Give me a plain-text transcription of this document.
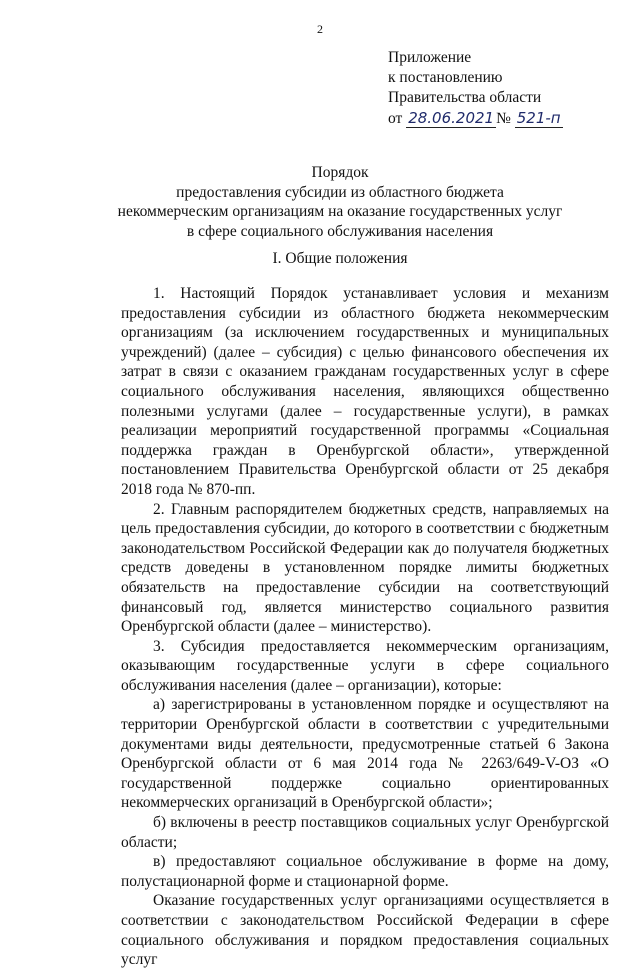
2
Приложение
к постановлению
Правительства области
от 28.06.2021 № 521-п
Порядок
предоставления субсидии из областного бюджета
некоммерческим организациям на оказание государственных услуг
в сфере социального обслуживания населения
I. Общие положения

1. Настоящий Порядок устанавливает условия и механизм предоставления субсидии из областного бюджета некоммерческим организациям (за исключением государственных и муниципальных учреждений) (далее – субсидия) с целью финансового обеспечения их затрат в связи с оказанием гражданам государственных услуг в сфере социального обслуживания населения, являющихся общественно полезными услугами (далее – государственные услуги), в рамках реализации мероприятий государственной программы «Социальная поддержка граждан в Оренбургской области», утвержденной постановлением Правительства Оренбургской области от 25 декабря 2018 года № 870-пп.

2. Главным распорядителем бюджетных средств, направляемых на цель предоставления субсидии, до которого в соответствии с бюджетным законодательством Российской Федерации как до получателя бюджетных средств доведены в установленном порядке лимиты бюджетных обязательств на предоставление субсидии на соответствующий финансовый год, является министерство социального развития Оренбургской области (далее – министерство).

3. Субсидия предоставляется некоммерческим организациям, оказывающим государственные услуги в сфере социального обслуживания населения (далее – организации), которые:

а) зарегистрированы в установленном порядке и осуществляют на территории Оренбургской области в соответствии с учредительными документами виды деятельности, предусмотренные статьей 6 Закона Оренбургской области от 6 мая 2014 года № 2263/649-V-ОЗ «О государственной поддержке социально ориентированных некоммерческих организаций в Оренбургской области»;

б) включены в реестр поставщиков социальных услуг Оренбургской области;

в) предоставляют социальное обслуживание в форме на дому, полустационарной форме и стационарной форме.

Оказание государственных услуг организациями осуществляется в соответствии с законодательством Российской Федерации в сфере социального обслуживания и порядком предоставления социальных услуг
